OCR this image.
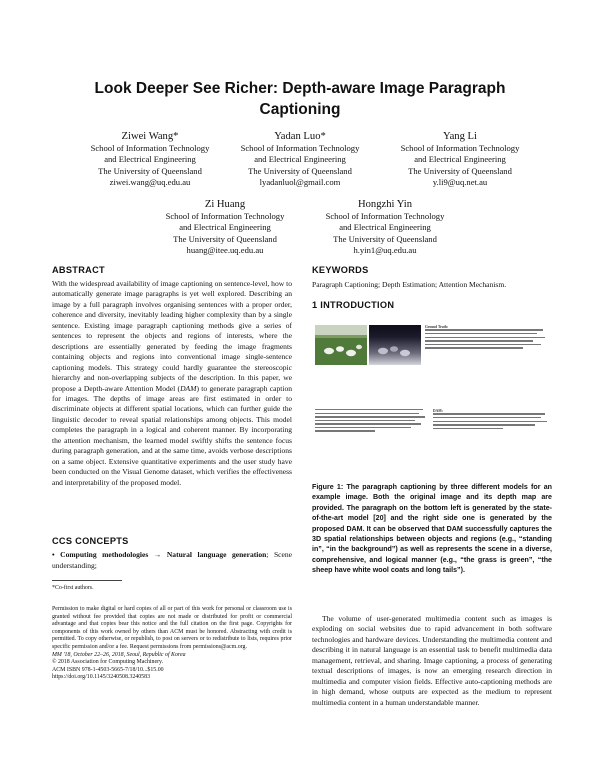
Look Deeper See Richer: Depth-aware Image Paragraph Captioning
Ziwei Wang*
School of Information Technology
and Electrical Engineering
The University of Queensland
ziwei.wang@uq.edu.au
Yadan Luo*
School of Information Technology
and Electrical Engineering
The University of Queensland
lyadanluol@gmail.com
Yang Li
School of Information Technology
and Electrical Engineering
The University of Queensland
y.li9@uq.net.au
Zi Huang
School of Information Technology
and Electrical Engineering
The University of Queensland
huang@itee.uq.edu.au
Hongzhi Yin
School of Information Technology
and Electrical Engineering
The University of Queensland
h.yin1@uq.edu.au
ABSTRACT
With the widespread availability of image captioning on sentence-level, how to automatically generate image paragraphs is yet well explored. Describing an image by a full paragraph involves organising sentences with a proper order, coherence and diversity, inevitably leading higher complexity than by a single sentence. Existing image paragraph captioning methods give a series of sentences to represent the objects and regions of interests, where the descriptions are essentially generated by feeding the image fragments containing objects and regions into conventional image single-sentence captioning models. This strategy could hardly guarantee the stereoscopic hierarchy and non-overlapping subjects of the description. In this paper, we propose a Depth-aware Attention Model (DAM) to generate paragraph caption for images. The depths of image areas are first estimated in order to discriminate objects at different spatial locations, which can further guide the linguistic decoder to reveal spatial relationships among objects. This model completes the paragraph in a logical and coherent manner. By incorporating the attention mechanism, the learned model swiftly shifts the sentence focus during paragraph generation, and at the same time, avoids verbose descriptions on a same object. Extensive quantitative experiments and the user study have been conducted on the Visual Genome dataset, which verifies the effectiveness and interpretability of the proposed model.
CCS CONCEPTS
• Computing methodologies → Natural language generation; Scene understanding;
*Co-first authors.
Permission to make digital or hard copies of all or part of this work for personal or classroom use is granted without fee provided that copies are not made or distributed for profit or commercial advantage and that copies bear this notice and the full citation on the first page. Copyrights for components of this work owned by others than ACM must be honored. Abstracting with credit is permitted. To copy otherwise, or republish, to post on servers or to redistribute to lists, requires prior specific permission and/or a fee. Request permissions from permissions@acm.org.
MM '18, October 22–26, 2018, Seoul, Republic of Korea
© 2018 Association for Computing Machinery.
ACM ISBN 978-1-4503-5665-7/18/10...$15.00
https://doi.org/10.1145/3240508.3240583
KEYWORDS
Paragraph Captioning; Depth Estimation; Attention Mechanism.
1 INTRODUCTION
Ground Truth:
DAM:
Figure 1: The paragraph captioning by three different models for an example image. Both the original image and its depth map are provided. The paragraph on the bottom left is generated by the state-of-the-art model [20] and the right side one is generated by the proposed DAM. It can be observed that DAM successfully captures the 3D spatial relationships between objects and regions (e.g., “standing in”, “in the background”) as well as represents the scene in a diverse, comprehensive, and logical manner (e.g., “the grass is green”, “the sheep have white wool coats and long tails”).
The volume of user-generated multimedia content such as images is exploding on social websites due to rapid advancement in both software technologies and hardware devices. Understanding the multimedia content and describing it in natural language is an essential task to benefit multimedia data management, retrieval, and sharing. Image captioning, a process of generating textual descriptions of images, is now an emerging research direction in multimedia and computer vision fields. Effective auto-captioning methods are in high demand, whose outputs are expected as the medium to represent multimedia content in a human understandable manner.
